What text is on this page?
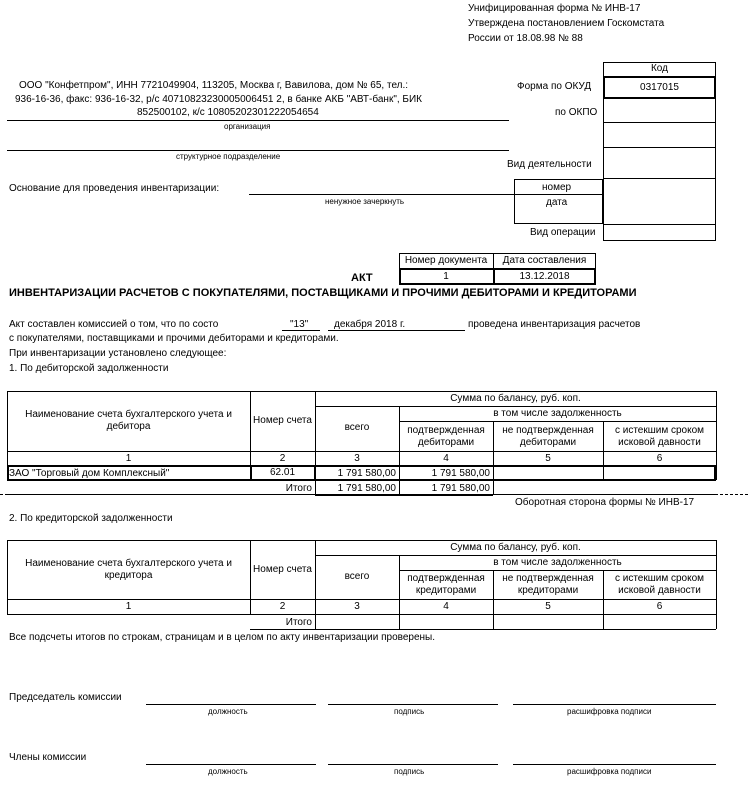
Унифицированная форма № ИНВ-17
Утверждена постановлением Госкомстата
России от 18.08.98 № 88
Код
0317015
Форма по ОКУД
по ОКПО
Вид деятельности
номер
дата
Вид операции
ООО "Конфетпром", ИНН 7721049904, 113205, Москва г, Вавилова, дом № 65, тел.:
936-16-36, факс: 936-16-32, р/с 40710823230005006451 2, в банке АКБ "АВТ-банк", БИК
852500102, к/с 10805202301222054654
организация
структурное подразделение
Основание для проведения инвентаризации:
ненужное зачеркнуть
Номер документа	Дата составления
1	13.12.2018
АКТ
ИНВЕНТАРИЗАЦИИ РАСЧЕТОВ С ПОКУПАТЕЛЯМИ, ПОСТАВЩИКАМИ И ПРОЧИМИ ДЕБИТОРАМИ И КРЕДИТОРАМИ
Акт составлен комиссией о том, что по состо	"13"	декабря 2018 г.	проведена инвентаризация расчетов
с покупателями, поставщиками и прочими дебиторами и кредиторами.
При инвентаризации установлено следующее:
1. По дебиторской задолженности
Наименование счета бухгалтерского учета и дебитора
Номер счета
Сумма по балансу, руб. коп.
всего
в том числе задолженность
подтвержденная дебиторами
не подтвержденная дебиторами
с истекшим сроком исковой давности
1	2	3	4	5	6
ЗАО "Торговый дом Комплексный"	62.01	1 791 580,00	1 791 580,00
Итого	1 791 580,00	1 791 580,00
Оборотная сторона формы № ИНВ-17
2. По кредиторской задолженности
Наименование счета бухгалтерского учета и кредитора
Номер счета
Сумма по балансу, руб. коп.
всего
в том числе задолженность
подтвержденная кредиторами
не подтвержденная кредиторами
с истекшим сроком исковой давности
1	2	3	4	5	6
Итого
Все подсчеты итогов по строкам, страницам и в целом по акту инвентаризации проверены.
Председатель комиссии
должность	подпись	расшифровка подписи
Члены комиссии
должность	подпись	расшифровка подписи
